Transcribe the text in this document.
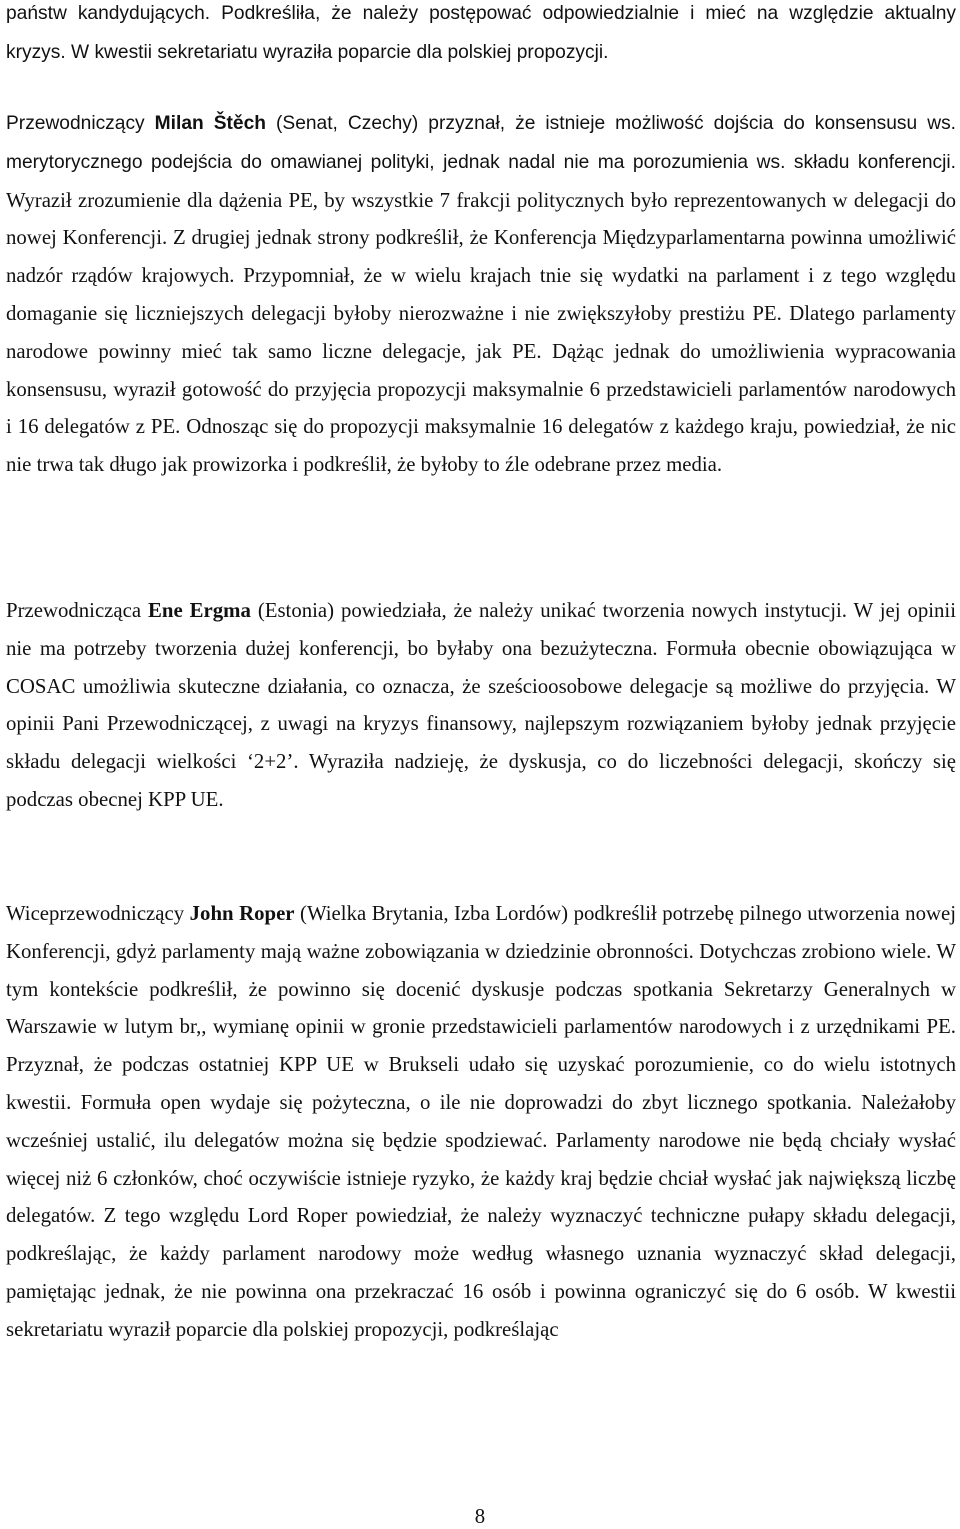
państw kandydujących. Podkreśliła, że należy postępować odpowiedzialnie i mieć na względzie aktualny kryzys. W kwestii sekretariatu wyraziła poparcie dla polskiej propozycji.

Przewodniczący Milan Štěch (Senat, Czechy) przyznał, że istnieje możliwość dojścia do konsensusu ws. merytorycznego podejścia do omawianej polityki, jednak nadal nie ma porozumienia ws. składu konferencji. Wyraził zrozumienie dla dążenia PE, by wszystkie 7 frakcji politycznych było reprezentowanych w delegacji do nowej Konferencji. Z drugiej jednak strony podkreślił, że Konferencja Międzyparlamentarna powinna umożliwić nadzór rządów krajowych. Przypomniał, że w wielu krajach tnie się wydatki na parlament i z tego względu domaganie się liczniejszych delegacji byłoby nierozważne i nie zwiększyłoby prestiżu PE. Dlatego parlamenty narodowe powinny mieć tak samo liczne delegacje, jak PE. Dążąc jednak do umożliwienia wypracowania konsensusu, wyraził gotowość do przyjęcia propozycji maksymalnie 6 przedstawicieli parlamentów narodowych i 16 delegatów z PE. Odnosząc się do propozycji maksymalnie 16 delegatów z każdego kraju, powiedział, że nic nie trwa tak długo jak prowizorka i podkreślił, że byłoby to źle odebrane przez media.

Przewodnicząca Ene Ergma (Estonia) powiedziała, że należy unikać tworzenia nowych instytucji. W jej opinii nie ma potrzeby tworzenia dużej konferencji, bo byłaby ona bezużyteczna. Formuła obecnie obowiązująca w COSAC umożliwia skuteczne działania, co oznacza, że sześcioosobowe delegacje są możliwe do przyjęcia. W opinii Pani Przewodniczącej, z uwagi na kryzys finansowy, najlepszym rozwiązaniem byłoby jednak przyjęcie składu delegacji wielkości ‘2+2’. Wyraziła nadzieję, że dyskusja, co do liczebności delegacji, skończy się podczas obecnej KPP UE.

Wiceprzewodniczący John Roper (Wielka Brytania, Izba Lordów) podkreślił potrzebę pilnego utworzenia nowej Konferencji, gdyż parlamenty mają ważne zobowiązania w dziedzinie obronności. Dotychczas zrobiono wiele. W tym kontekście podkreślił, że powinno się docenić dyskusje podczas spotkania Sekretarzy Generalnych w Warszawie w lutym br,, wymianę opinii w gronie przedstawicieli parlamentów narodowych i z urzędnikami PE. Przyznał, że podczas ostatniej KPP UE w Brukseli udało się uzyskać porozumienie, co do wielu istotnych kwestii. Formuła open wydaje się pożyteczna, o ile nie doprowadzi do zbyt licznego spotkania. Należałoby wcześniej ustalić, ilu delegatów można się będzie spodziewać. Parlamenty narodowe nie będą chciały wysłać więcej niż 6 członków, choć oczywiście istnieje ryzyko, że każdy kraj będzie chciał wysłać jak największą liczbę delegatów. Z tego względu Lord Roper powiedział, że należy wyznaczyć techniczne pułapy składu delegacji, podkreślając, że każdy parlament narodowy może według własnego uznania wyznaczyć skład delegacji, pamiętając jednak, że nie powinna ona przekraczać 16 osób i powinna ograniczyć się do 6 osób. W kwestii sekretariatu wyraził poparcie dla polskiej propozycji, podkreślając

8
